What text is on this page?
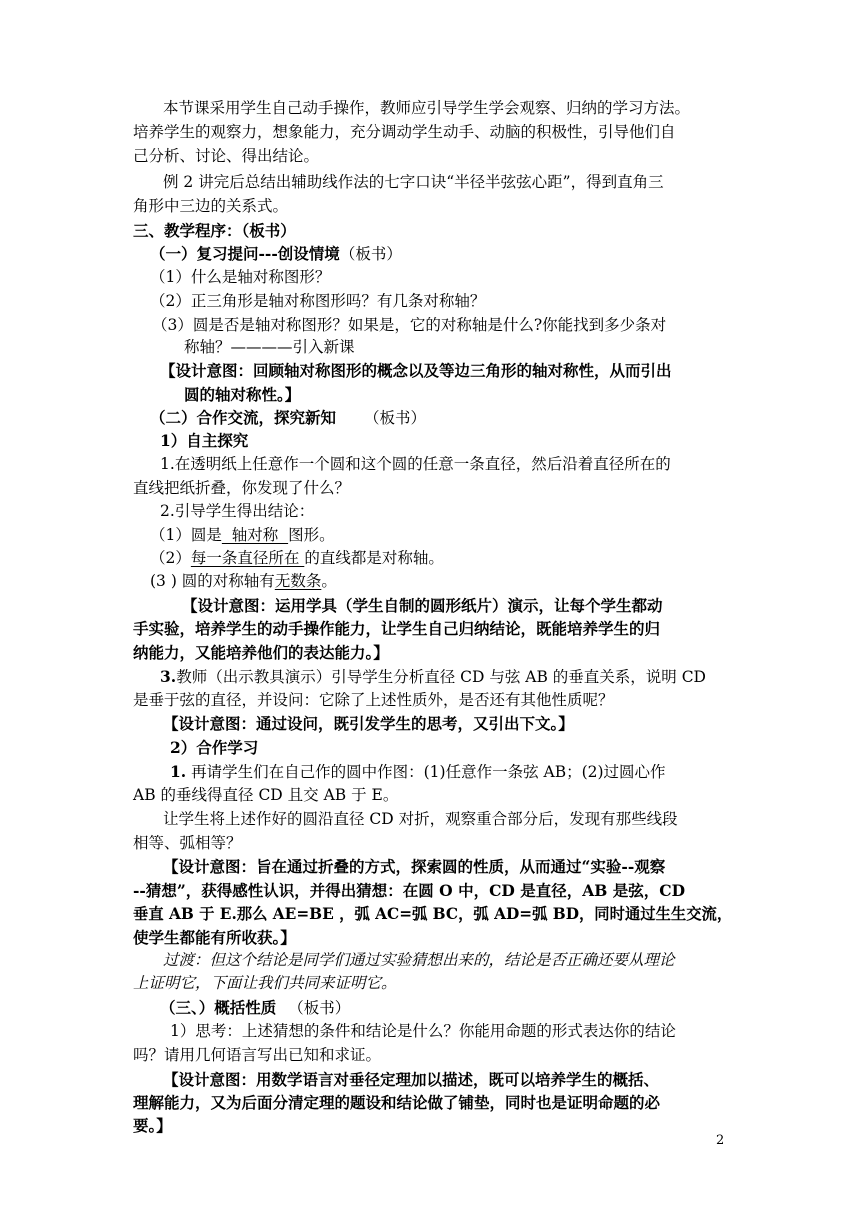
本节课采用学生自己动手操作，教师应引导学生学会观察、归纳的学习方法。

培养学生的观察力，想象能力，充分调动学生动手、动脑的积极性，引导他们自

己分析、讨论、得出结论。

例 2 讲完后总结出辅助线作法的七字口诀“半径半弦弦心距”，得到直角三

角形中三边的关系式。

三、教学程序：（板书）

（一）复习提问---创设情境（板书）

（1）什么是轴对称图形？

（2）正三角形是轴对称图形吗？有几条对称轴？

（3）圆是否是轴对称图形？如果是，它的对称轴是什么?你能找到多少条对

称轴？————引入新课

【设计意图：回顾轴对称图形的概念以及等边三角形的轴对称性，从而引出

圆的轴对称性。】

（二）合作交流，探究新知 （板书）

1）自主探究

1.在透明纸上任意作一个圆和这个圆的任意一条直径，然后沿着直径所在的

直线把纸折叠，你发现了什么？

2.引导学生得出结论：

（1）圆是  轴对称  图形。

（2）每一条直径所在 的直线都是对称轴。

(3 ) 圆的对称轴有无数条。

【设计意图：运用学具（学生自制的圆形纸片）演示，让每个学生都动

手实验，培养学生的动手操作能力，让学生自己归纳结论，既能培养学生的归

纳能力，又能培养他们的表达能力。】

3.教师（出示教具演示）引导学生分析直径 CD 与弦 AB 的垂直关系，说明 CD

是垂于弦的直径，并设问：它除了上述性质外，是否还有其他性质呢？

【设计意图：通过设问，既引发学生的思考，又引出下文。】

2）合作学习

1. 再请学生们在自己作的圆中作图：(1)任意作一条弦 AB；(2)过圆心作

AB 的垂线得直径 CD 且交 AB 于 E。

让学生将上述作好的圆沿直径 CD 对折，观察重合部分后，发现有那些线段

相等、弧相等？

【设计意图：旨在通过折叠的方式，探索圆的性质，从而通过“实验--观察

--猜想”，获得感性认识，并得出猜想：在圆 O 中，CD 是直径，AB 是弦，CD

垂直 AB 于 E.那么 AE=BE ，弧 AC=弧 BC，弧 AD=弧 BD，同时通过生生交流，

使学生都能有所收获。】

过渡：但这个结论是同学们通过实验猜想出来的，结论是否正确还要从理论

上证明它，下面让我们共同来证明它。

（三、）概括性质 （板书）

1）思考：上述猜想的条件和结论是什么？你能用命题的形式表达你的结论

吗？请用几何语言写出已知和求证。

【设计意图：用数学语言对垂径定理加以描述，既可以培养学生的概括、

理解能力，又为后面分清定理的题设和结论做了铺垫，同时也是证明命题的必

要。】

2
